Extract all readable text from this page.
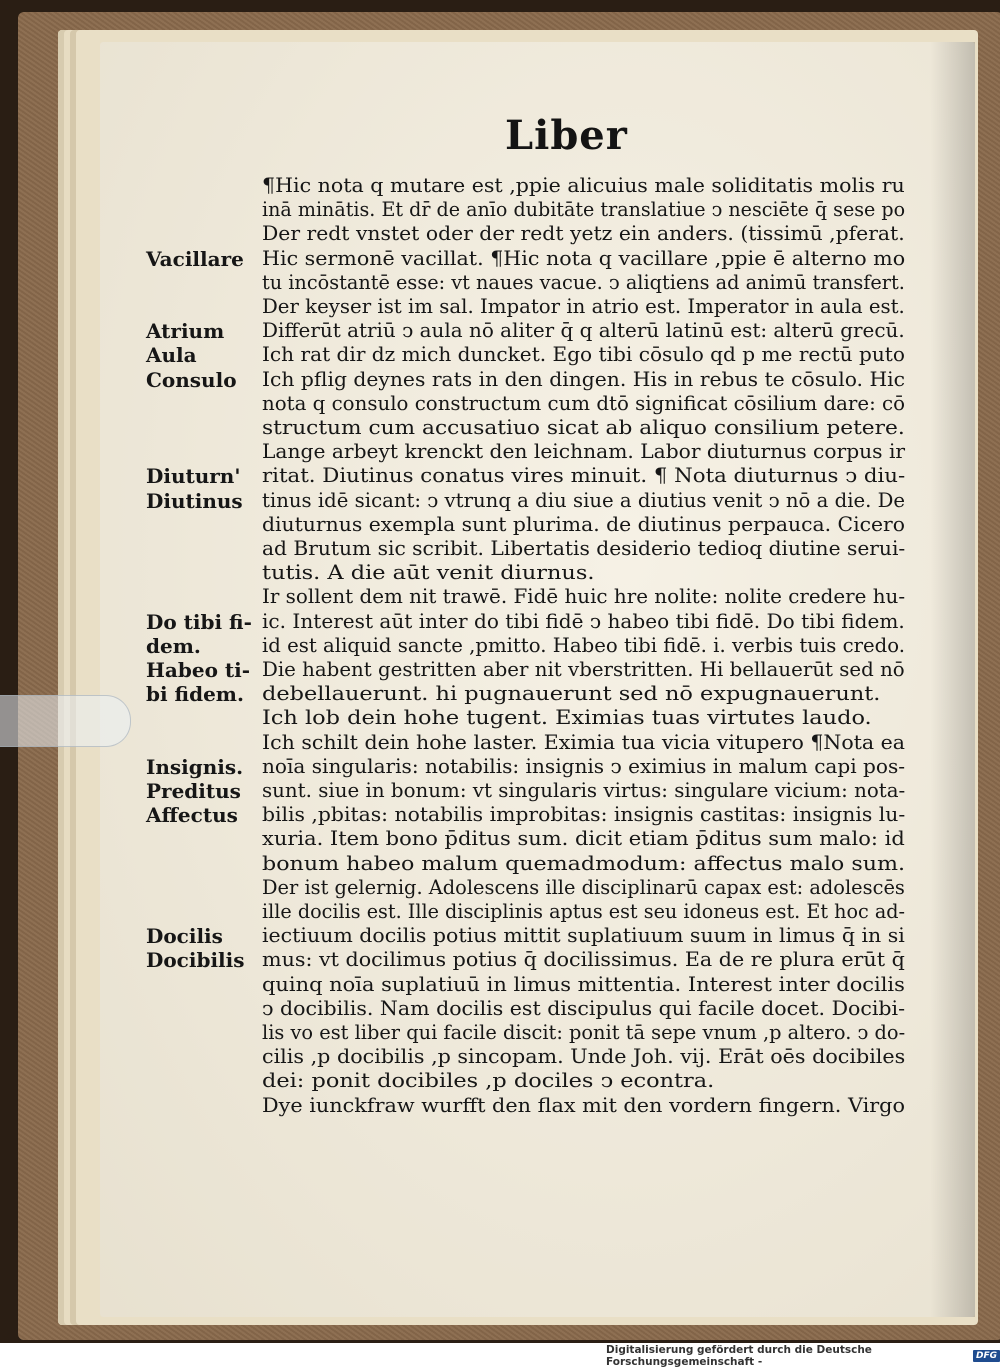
Liber
¶Hic nota q mutare est ,ppie alicuius male soliditatis molis ru
inā minātis. Et dr̄ de anīo dubitāte translatiue ↄ nesciēte q̄ sese po
Der redt vnstet oder der redt yetz ein anders. (tissimū ,pferat.
Hic sermonē vacillat. ¶Hic nota q vacillare ,ppie ē alterno mo
tu incōstantē esse: vt naues vacue. ↄ aliqtiens ad animū transfert.
Der keyser ist im sal. Impator in atrio est. Imperator in aula est.
Differūt atriū ↄ aula nō aliter q̄ q alterū latinū est: alterū grecū.
Ich rat dir dz mich duncket. Ego tibi cōsulo qd p me rectū puto
Ich pflig deynes rats in den dingen. His in rebus te cōsulo. Hic
nota q consulo constructum cum dtō significat cōsilium dare: cō
structum cum accusatiuo sicat ab aliquo consilium petere.
Lange arbeyt krenckt den leichnam. Labor diuturnus corpus ir
ritat. Diutinus conatus vires minuit. ¶ Nota diuturnus ↄ diu-
tinus idē sicant: ↄ vtrunq a diu siue a diutius venit ↄ nō a die. De
diuturnus exempla sunt plurima. de diutinus perpauca. Cicero
ad Brutum sic scribit. Libertatis desiderio tedioq diutine serui-
tutis. A die aūt venit diurnus.
Ir sollent dem nit trawē. Fidē huic hre nolite: nolite credere hu-
ic. Interest aūt inter do tibi fidē ↄ habeo tibi fidē. Do tibi fidem.
id est aliquid sancte ,pmitto. Habeo tibi fidē. i. verbis tuis credo.
Die habent gestritten aber nit vberstritten. Hi bellauerūt sed nō
debellauerunt. hi pugnauerunt sed nō expugnauerunt.
Ich lob dein hohe tugent. Eximias tuas virtutes laudo.
Ich schilt dein hohe laster. Eximia tua vicia vitupero ¶Nota ea
noīa singularis: notabilis: insignis ↄ eximius in malum capi pos-
sunt. siue in bonum: vt singularis virtus: singulare vicium: nota-
bilis ,pbitas: notabilis improbitas: insignis castitas: insignis lu-
xuria. Item bono p̄ditus sum. dicit etiam p̄ditus sum malo: id
bonum habeo malum quemadmodum: affectus malo sum.
Der ist gelernig. Adolescens ille disciplinarū capax est: adolescēs
ille docilis est. Ille disciplinis aptus est seu idoneus est. Et hoc ad-
iectiuum docilis potius mittit suplatiuum suum in limus q̄ in si
mus: vt docilimus potius q̄ docilissimus. Ea de re plura erūt q̄
quinq noīa suplatiuū in limus mittentia. Interest inter docilis
ↄ docibilis. Nam docilis est discipulus qui facile docet. Docibi-
lis vo est liber qui facile discit: ponit tā sepe vnum ,p altero. ↄ do-
cilis ,p docibilis ,p sincopam. Unde Joh. vij. Erāt oēs docibiles
dei: ponit docibiles ,p dociles ↄ econtra.
Dye iunckfraw wurfft den flax mit den vordern fingern. Virgo
Vacillare
Atrium
Aula
Consulo
Diuturn'
Diutinus
Do tibi fi-
dem.
Habeo ti-
bi fidem.
Insignis.
Preditus
Affectus
Docilis
Docibilis
Digitalisierung gefördert durch die Deutsche Forschungsgemeinschaft -	DFG
